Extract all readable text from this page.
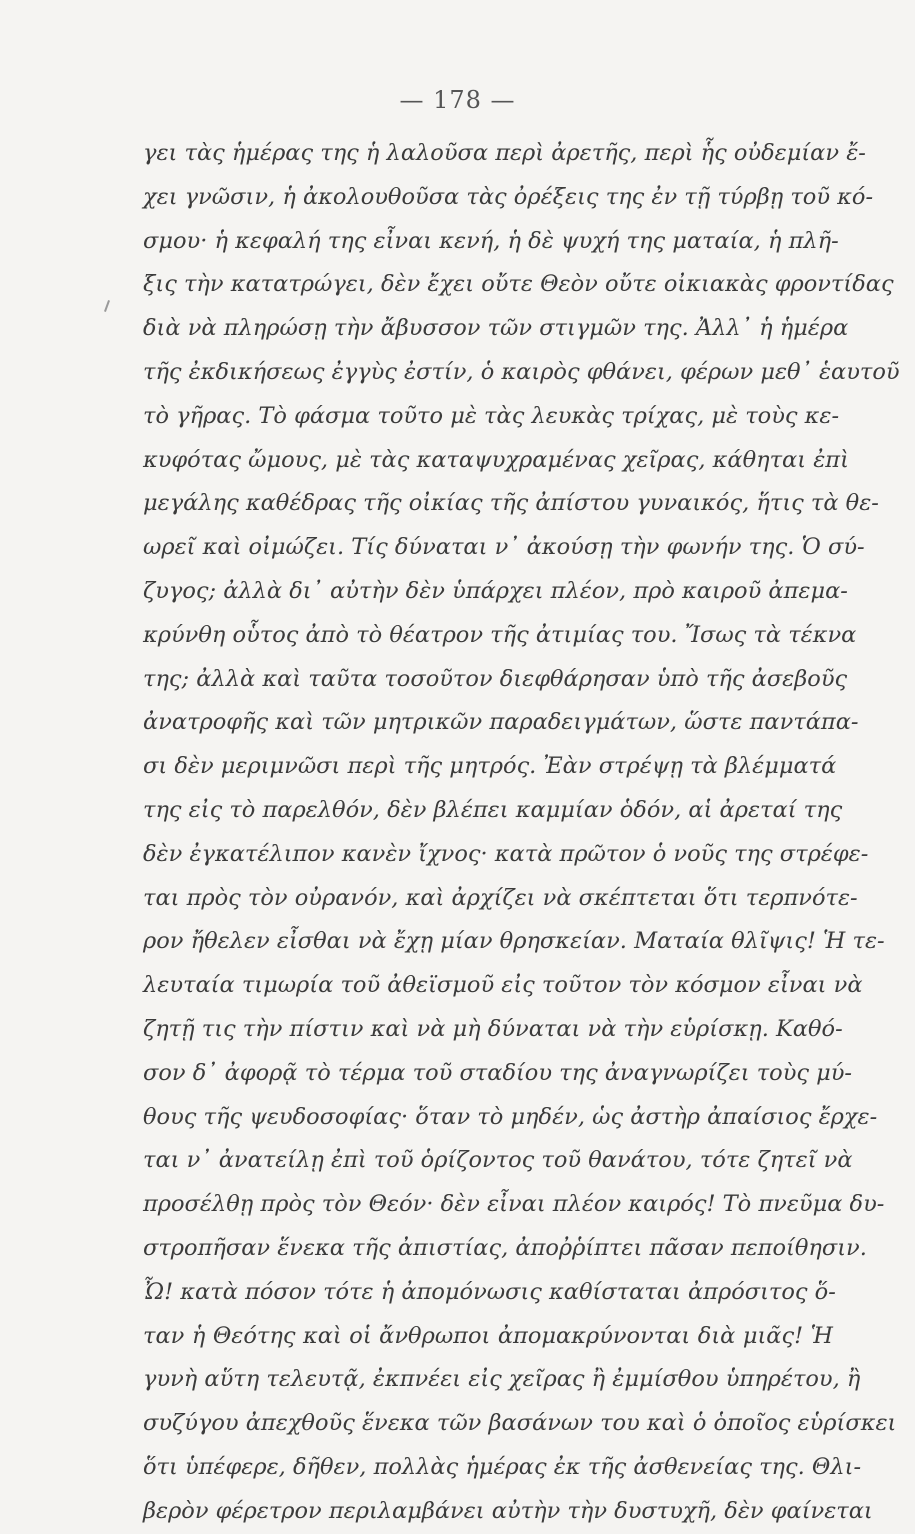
— 178 —
γει τὰς ἡμέρας της ἡ λαλοῦσα περὶ ἀρετῆς, περὶ ἧς οὐδεμίαν ἔ-
χει γνῶσιν, ἡ ἀκολουθοῦσα τὰς ὀρέξεις της ἐν τῇ τύρβῃ τοῦ κό-
σμου· ἡ κεφαλή της εἶναι κενή, ἡ δὲ ψυχή της ματαία, ἡ πλῆ-
ξις τὴν κατατρώγει, δὲν ἔχει οὔτε Θεὸν οὔτε οἰκιακὰς φροντίδας
διὰ νὰ πληρώσῃ τὴν ἄβυσσον τῶν στιγμῶν της. Ἀλλ᾽ ἡ ἡμέρα
τῆς ἐκδικήσεως ἐγγὺς ἐστίν, ὁ καιρὸς φθάνει, φέρων μεθ᾽ ἑαυτοῦ
τὸ γῆρας. Τὸ φάσμα τοῦτο μὲ τὰς λευκὰς τρίχας, μὲ τοὺς κε-
κυφότας ὤμους, μὲ τὰς καταψυχραμένας χεῖρας, κάθηται ἐπὶ
μεγάλης καθέδρας τῆς οἰκίας τῆς ἀπίστου γυναικός, ἥτις τὰ θε-
ωρεῖ καὶ οἰμώζει. Τίς δύναται ν᾽ ἀκούσῃ τὴν φωνήν της. Ὁ σύ-
ζυγος; ἀλλὰ δι᾽ αὐτὴν δὲν ὑπάρχει πλέον, πρὸ καιροῦ ἀπεμα-
κρύνθη οὗτος ἀπὸ τὸ θέατρον τῆς ἀτιμίας του. Ἴσως τὰ τέκνα
της; ἀλλὰ καὶ ταῦτα τοσοῦτον διεφθάρησαν ὑπὸ τῆς ἀσεβοῦς
ἀνατροφῆς καὶ τῶν μητρικῶν παραδειγμάτων, ὥστε παντάπα-
σι δὲν μεριμνῶσι περὶ τῆς μητρός. Ἐὰν στρέψῃ τὰ βλέμματά
της εἰς τὸ παρελθόν, δὲν βλέπει καμμίαν ὁδόν, αἱ ἀρεταί της
δὲν ἐγκατέλιπον κανὲν ἴχνος· κατὰ πρῶτον ὁ νοῦς της στρέφε-
ται πρὸς τὸν οὐρανόν, καὶ ἀρχίζει νὰ σκέπτεται ὅτι τερπνότε-
ρον ἤθελεν εἶσθαι νὰ ἔχῃ μίαν θρησκείαν. Ματαία θλῖψις! Ἡ τε-
λευταία τιμωρία τοῦ ἀθεϊσμοῦ εἰς τοῦτον τὸν κόσμον εἶναι νὰ
ζητῇ τις τὴν πίστιν καὶ νὰ μὴ δύναται νὰ τὴν εὑρίσκῃ. Καθό-
σον δ᾽ ἀφορᾷ τὸ τέρμα τοῦ σταδίου της ἀναγνωρίζει τοὺς μύ-
θους τῆς ψευδοσοφίας· ὅταν τὸ μηδέν, ὡς ἀστὴρ ἀπαίσιος ἔρχε-
ται ν᾽ ἀνατείλῃ ἐπὶ τοῦ ὁρίζοντος τοῦ θανάτου, τότε ζητεῖ νὰ
προσέλθῃ πρὸς τὸν Θεόν· δὲν εἶναι πλέον καιρός! Τὸ πνεῦμα δυ-
στροπῆσαν ἕνεκα τῆς ἀπιστίας, ἀποῤῥίπτει πᾶσαν πεποίθησιν.
Ὦ! κατὰ πόσον τότε ἡ ἀπομόνωσις καθίσταται ἀπρόσιτος ὅ-
ταν ἡ Θεότης καὶ οἱ ἄνθρωποι ἀπομακρύνονται διὰ μιᾶς! Ἡ
γυνὴ αὕτη τελευτᾷ, ἐκπνέει εἰς χεῖρας ἢ ἐμμίσθου ὑπηρέτου, ἢ
συζύγου ἀπεχθοῦς ἕνεκα τῶν βασάνων του καὶ ὁ ὁποῖος εὑρίσκει
ὅτι ὑπέφερε, δῆθεν, πολλὰς ἡμέρας ἐκ τῆς ἀσθενείας της. Θλι-
βερὸν φέρετρον περιλαμβάνει αὐτὴν τὴν δυστυχῆ, δὲν φαίνεται
